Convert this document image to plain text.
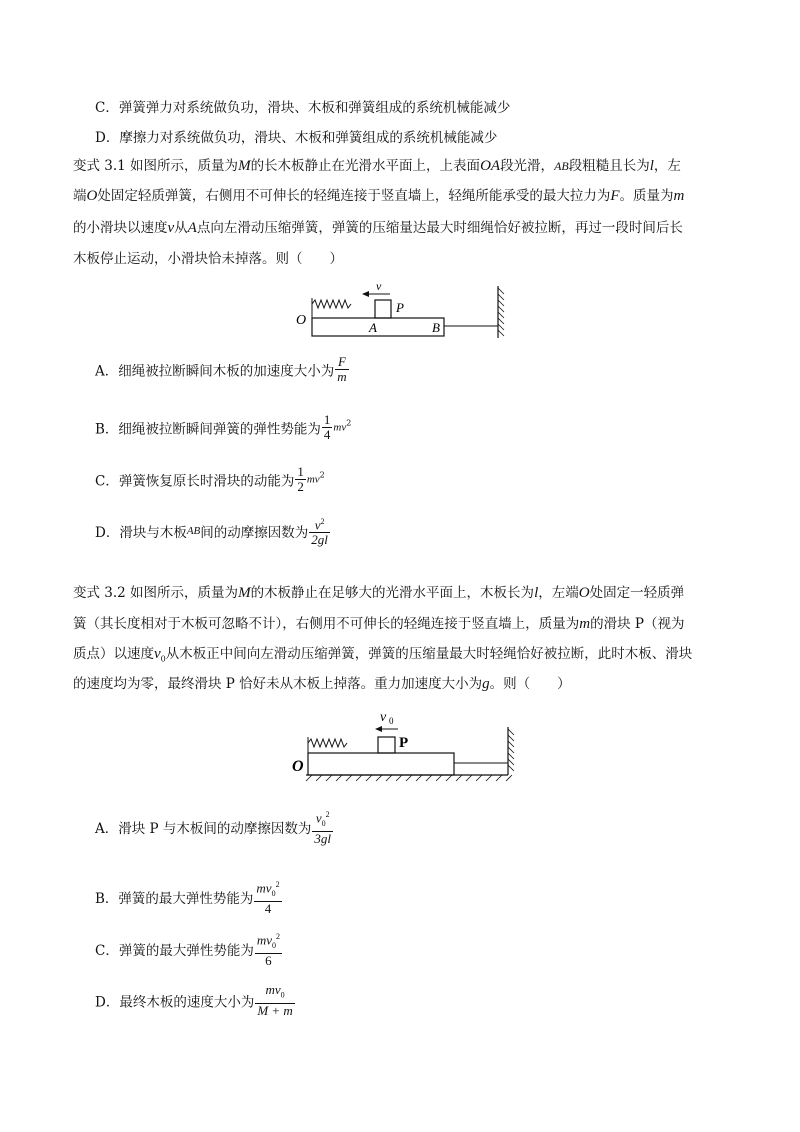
C．弹簧弹力对系统做负功，滑块、木板和弹簧组成的系统机械能减少
D．摩擦力对系统做负功，滑块、木板和弹簧组成的系统机械能减少
变式 3.1 如图所示，质量为M的长木板静止在光滑水平面上，上表面OA段光滑，AB段粗糙且长为l，左
端O处固定轻质弹簧，右侧用不可伸长的轻绳连接于竖直墙上，轻绳所能承受的最大拉力为F。质量为m
的小滑块以速度v从A点向左滑动压缩弹簧，弹簧的压缩量达最大时细绳恰好被拉断，再过一段时间后长
木板停止运动，小滑块恰未掉落。则（　　）
v
P
O	A	B
A．细绳被拉断瞬间木板的加速度大小为 $\frac{F}{m}$
B．细绳被拉断瞬间弹簧的弹性势能为 $\frac{1}{4} mv^2$
C．弹簧恢复原长时滑块的动能为 $\frac{1}{2} mv^2$
D．滑块与木板AB间的动摩擦因数为 $\frac{v^2}{2gl}$
变式 3.2 如图所示，质量为M的木板静止在足够大的光滑水平面上，木板长为l，左端O处固定一轻质弹
簧（其长度相对于木板可忽略不计），右侧用不可伸长的轻绳连接于竖直墙上，质量为m的滑块 P（视为
质点）以速度$v_0$从木板正中间向左滑动压缩弹簧，弹簧的压缩量最大时轻绳恰好被拉断，此时木板、滑块
的速度均为零，最终滑块 P 恰好未从木板上掉落。重力加速度大小为g。则（　　）
v 0
P
O
A．滑块 P 与木板间的动摩擦因数为 $\frac{v_0^2}{3gl}$
B．弹簧的最大弹性势能为 $\frac{mv_0^2}{4}$
C．弹簧的最大弹性势能为 $\frac{mv_0^2}{6}$
D．最终木板的速度大小为 $\frac{mv_0}{M + m}$
